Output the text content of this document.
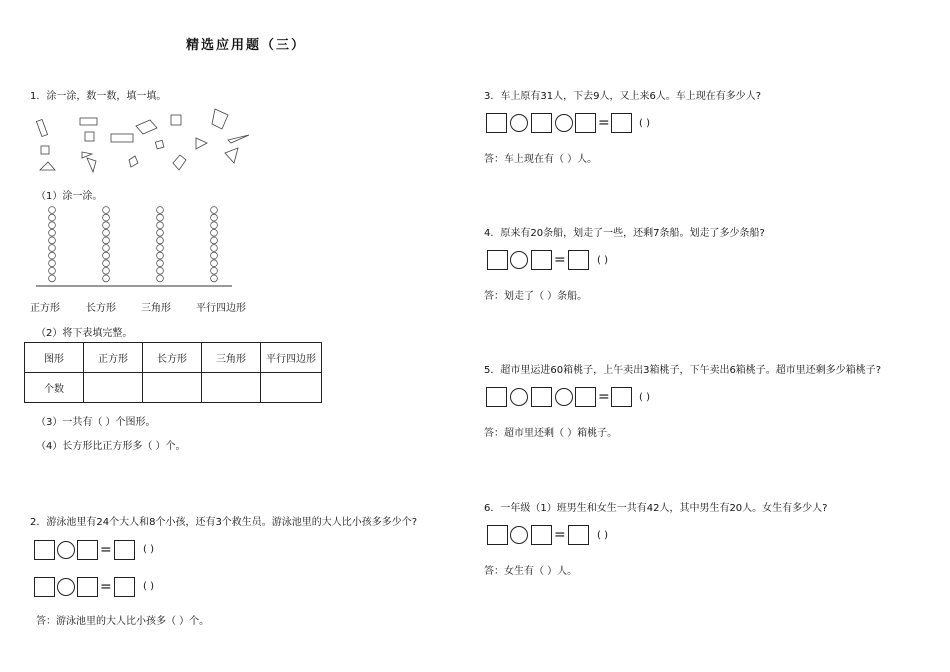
精选应用题（三）
1．涂一涂，数一数，填一填。
（1）涂一涂。
正方形	长方形	三角形	平行四边形
（2）将下表填完整。
图形	正方形	长方形	三角形	平行四边形
个数				
（3）一共有（ ）个图形。
（4）长方形比正方形多（ ）个。
2．游泳池里有24个大人和8个小孩，还有3个救生员。游泳池里的大人比小孩多多少个?
=	( )
=	( )
答：游泳池里的大人比小孩多（ ）个。
3．车上原有31人，下去9人，又上来6人。车上现在有多少人?
=	( )
答：车上现在有（ ）人。
4．原来有20条船，划走了一些，还剩7条船。划走了多少条船?
=	( )
答：划走了（ ）条船。
5．超市里运进60箱桃子，上午卖出3箱桃子，下午卖出6箱桃子。超市里还剩多少箱桃子?
=	( )
答：超市里还剩（ ）箱桃子。
6．一年级（1）班男生和女生一共有42人，其中男生有20人。女生有多少人?
=	( )
答：女生有（ ）人。
